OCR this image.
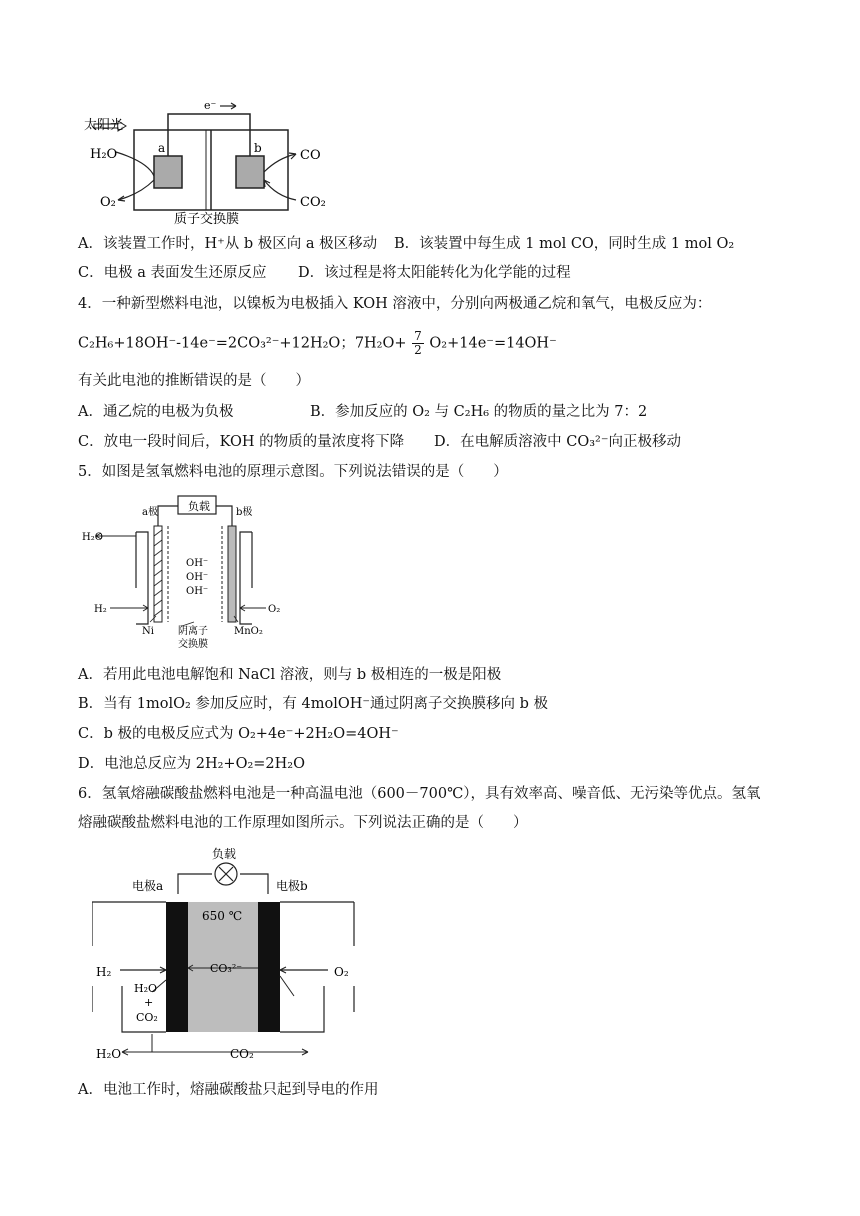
太阳光
e⁻
H₂O
O₂
a	b	CO
CO₂
质子交换膜
A．该装置工作时，H⁺从 b 极区向 a 极区移动 B．该装置中每生成 1 mol CO，同时生成 1 mol O₂
C．电极 a 表面发生还原反应 D．该过程是将太阳能转化为化学能的过程
4．一种新型燃料电池，以镍板为电极插入 KOH 溶液中，分别向两极通乙烷和氧气，电极反应为：
C₂H₆+18OH⁻-14e⁻=2CO₃²⁻+12H₂O；$7H_2O+ \frac{7}{2} O_2+14e^-=14OH^-$
有关此电池的推断错误的是（　　）
A．通乙烷的电极为负极	B．参加反应的 O₂ 与 C₂H₆ 的物质的量之比为 7：2
C．放电一段时间后，KOH 的物质的量浓度将下降 D．在电解质溶液中 CO₃²⁻向正极移动
5．如图是氢氧燃料电池的原理示意图。下列说法错误的是（　　）
负载
a极	b极
H₂O
H₂	O₂
OH⁻
OH⁻
OH⁻
Ni	MnO₂
阴离子
交换膜
A．若用此电池电解饱和 NaCl 溶液，则与 b 极相连的一极是阳极
B．当有 1molO₂ 参加反应时，有 4molOH⁻通过阴离子交换膜移向 b 极
C．b 极的电极反应式为 O₂+4e⁻+2H₂O=4OH⁻
D．电池总反应为 2H₂+O₂=2H₂O
6．氢氧熔融碳酸盐燃料电池是一种高温电池（600－700℃），具有效率高、噪音低、无污染等优点。氢氧
熔融碳酸盐燃料电池的工作原理如图所示。下列说法正确的是（　　）
负载
电极a	电极b
650 ℃
H₂	O₂
CO₃²⁻
H₂O
+
CO₂
H₂O	CO₂
A．电池工作时，熔融碳酸盐只起到导电的作用
